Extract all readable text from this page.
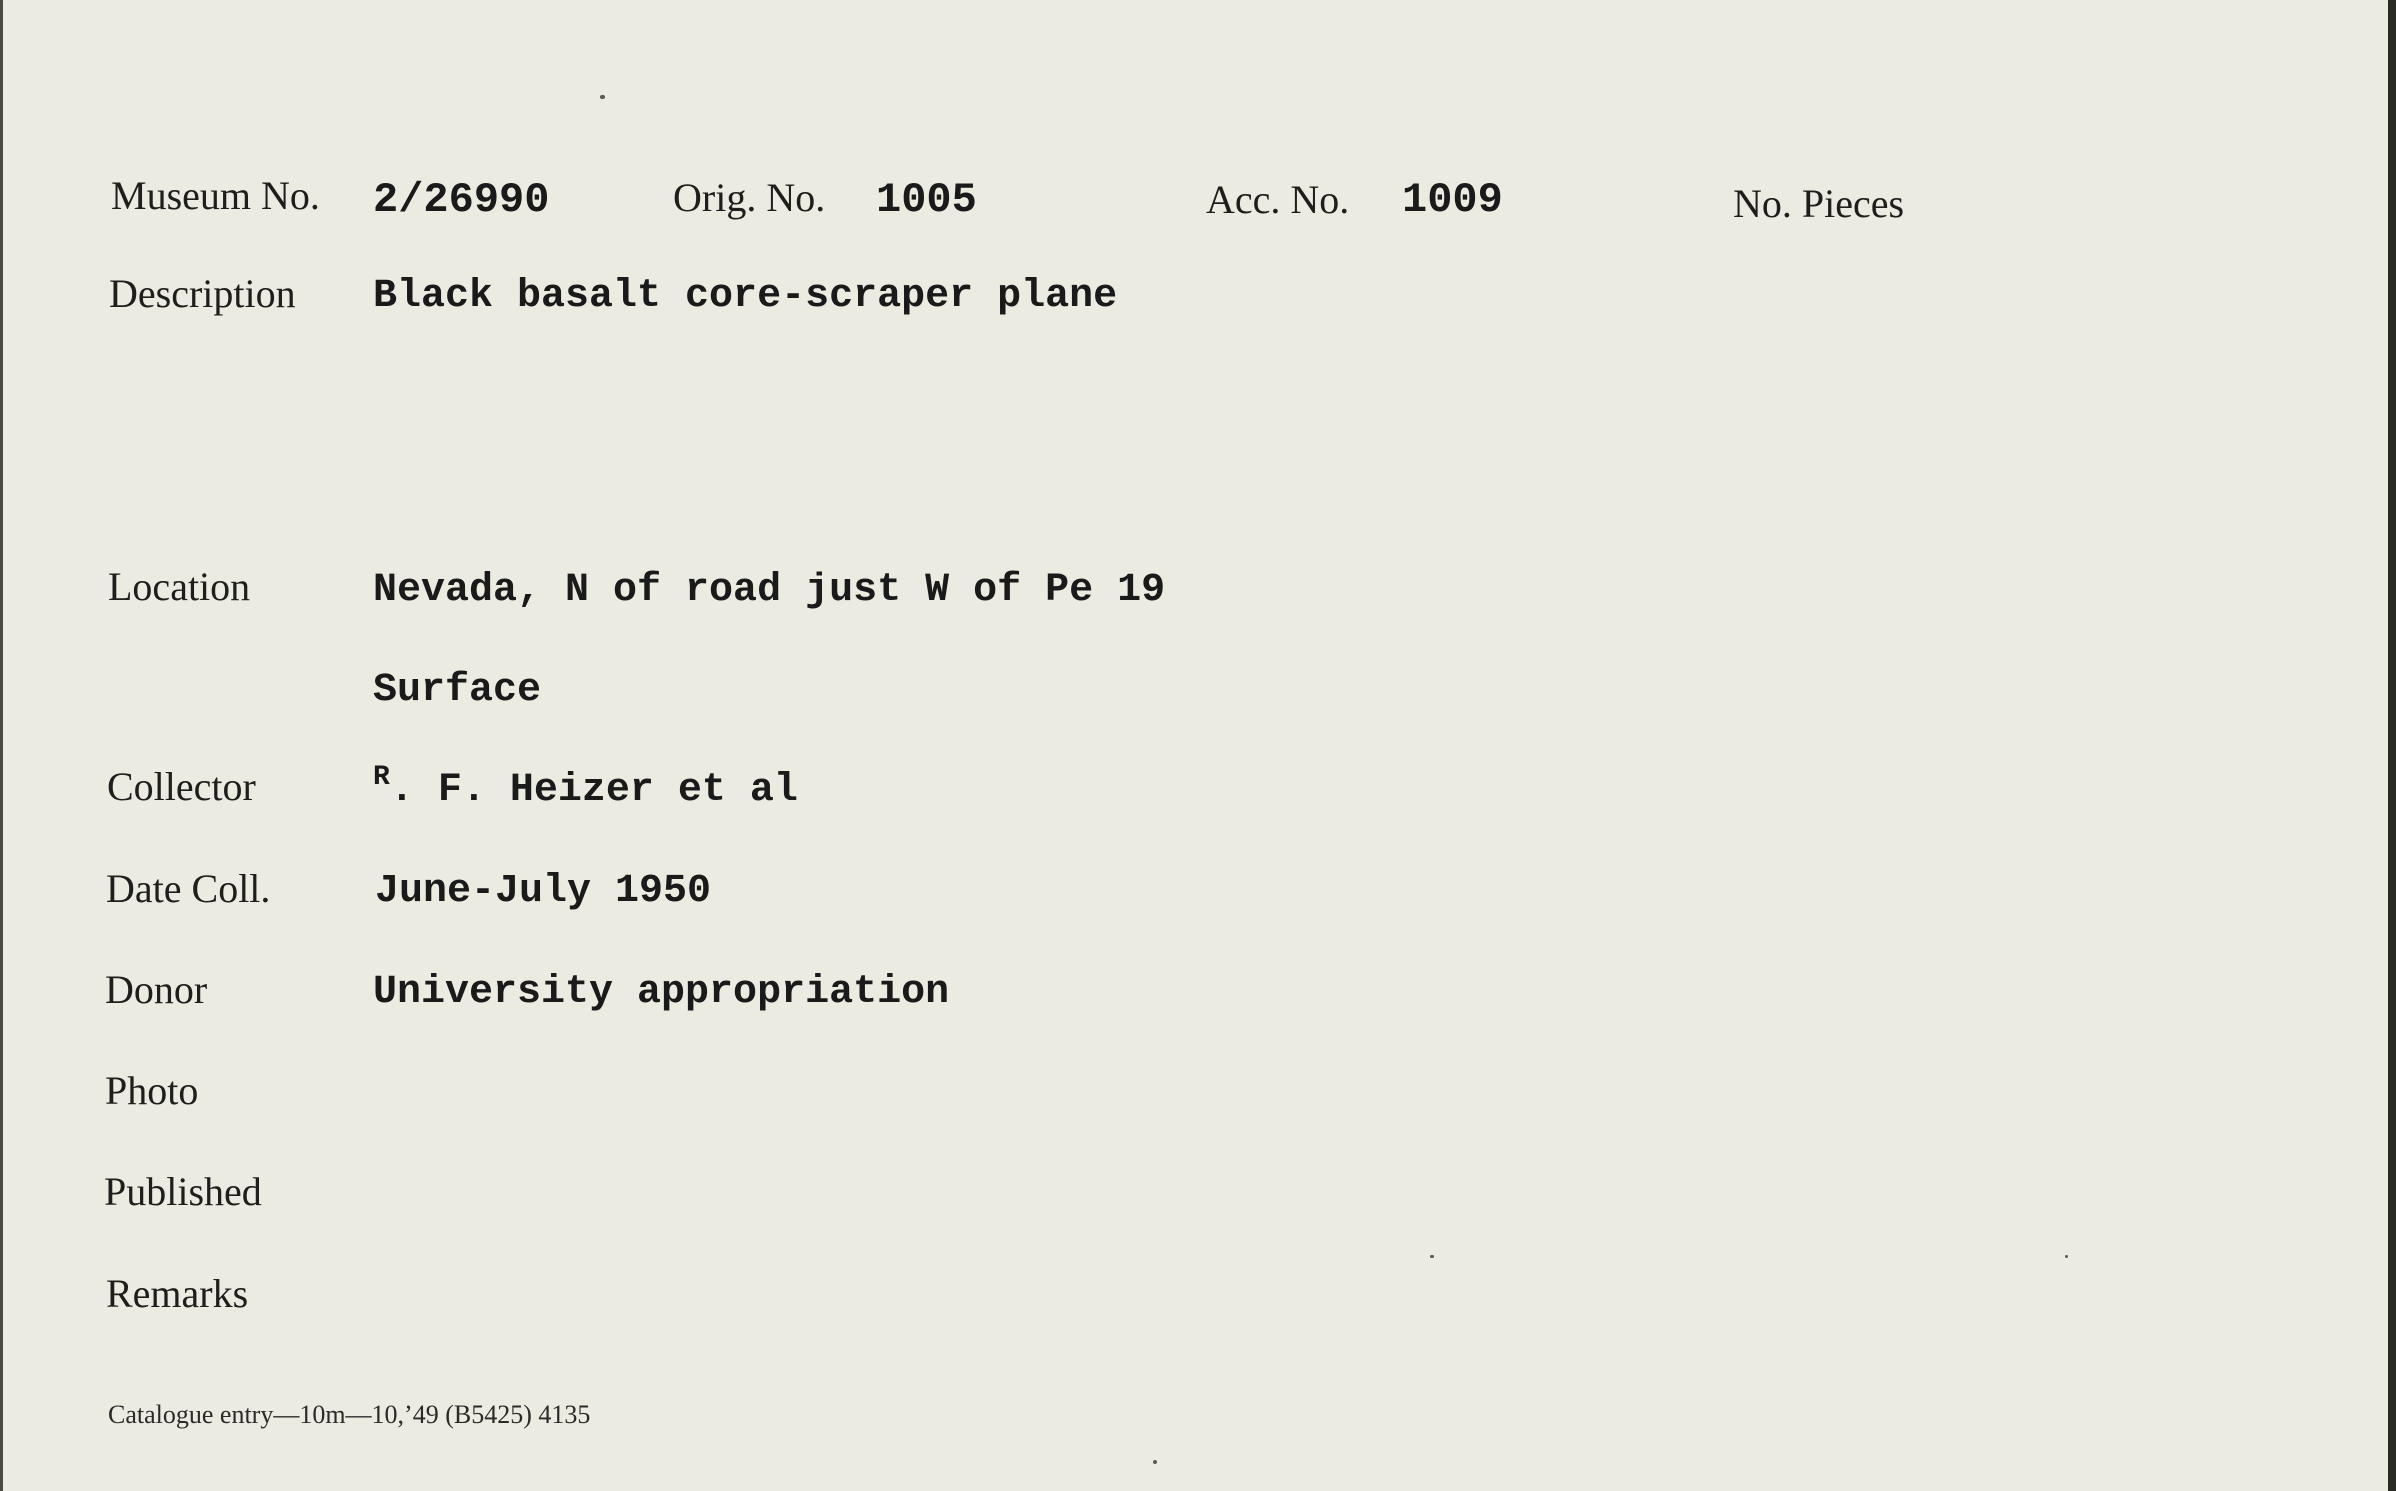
Museum No. 2/26990	Orig. No. 1005	Acc. No. 1009	No. Pieces
Description Black basalt core-scraper plane
Location	Nevada, N of road just W of Pe 19
Surface
Collector	$^R$. F. Heizer et al
Date Coll.	June-July 1950
Donor	University appropriation
Photo
Published
Remarks
Catalogue entry—10m—10,’49 (B5425) 4135
